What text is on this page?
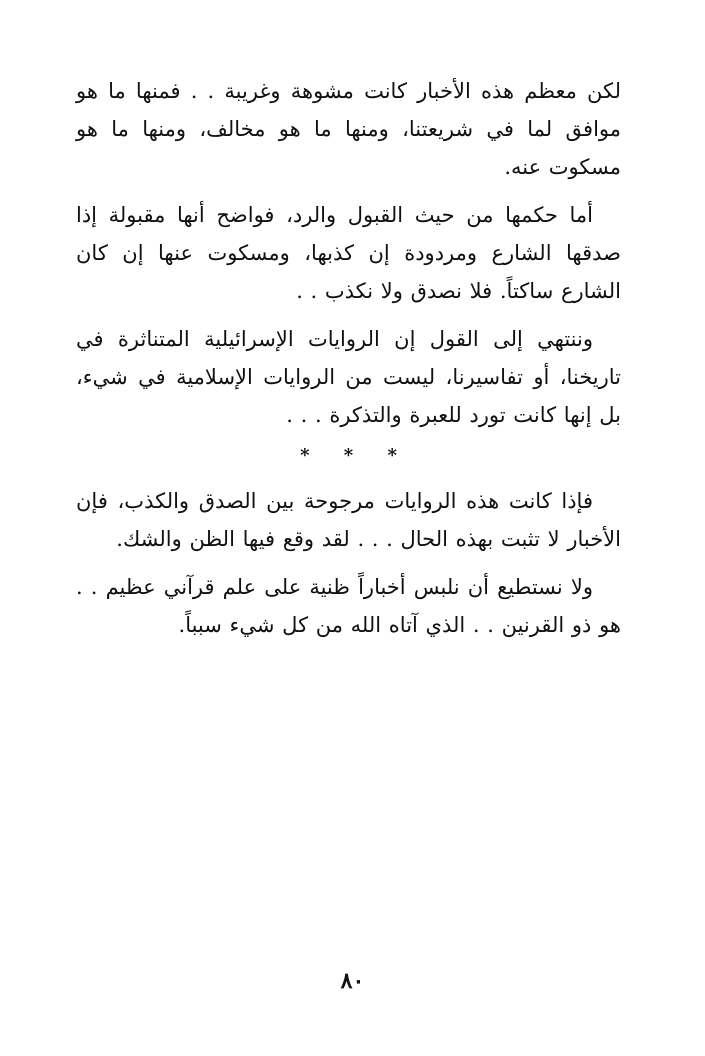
لكن معظم هذه الأخبار كانت مشوهة وغريبة . . فمنها ما هو موافق لما في شريعتنا، ومنها ما هو مخالف، ومنها ما هو مسكوت عنه.

أما حكمها من حيث القبول والرد، فواضح أنها مقبولة إذا صدقها الشارع ومردودة إن كذبها، ومسكوت عنها إن كان الشارع ساكتاً. فلا نصدق ولا نكذب . .

وننتهي إلى القول إن الروايات الإسرائيلية المتناثرة في تاريخنا، أو تفاسيرنا، ليست من الروايات الإسلامية في شيء، بل إنها كانت تورد للعبرة والتذكرة . . .

* * *

فإذا كانت هذه الروايات مرجوحة بين الصدق والكذب، فإن الأخبار لا تثبت بهذه الحال . . . لقد وقع فيها الظن والشك.

ولا نستطيع أن نلبس أخباراً ظنية على علم قرآني عظيم . . هو ذو القرنين . . الذي آتاه الله من كل شيء سبباً.

٨٠
